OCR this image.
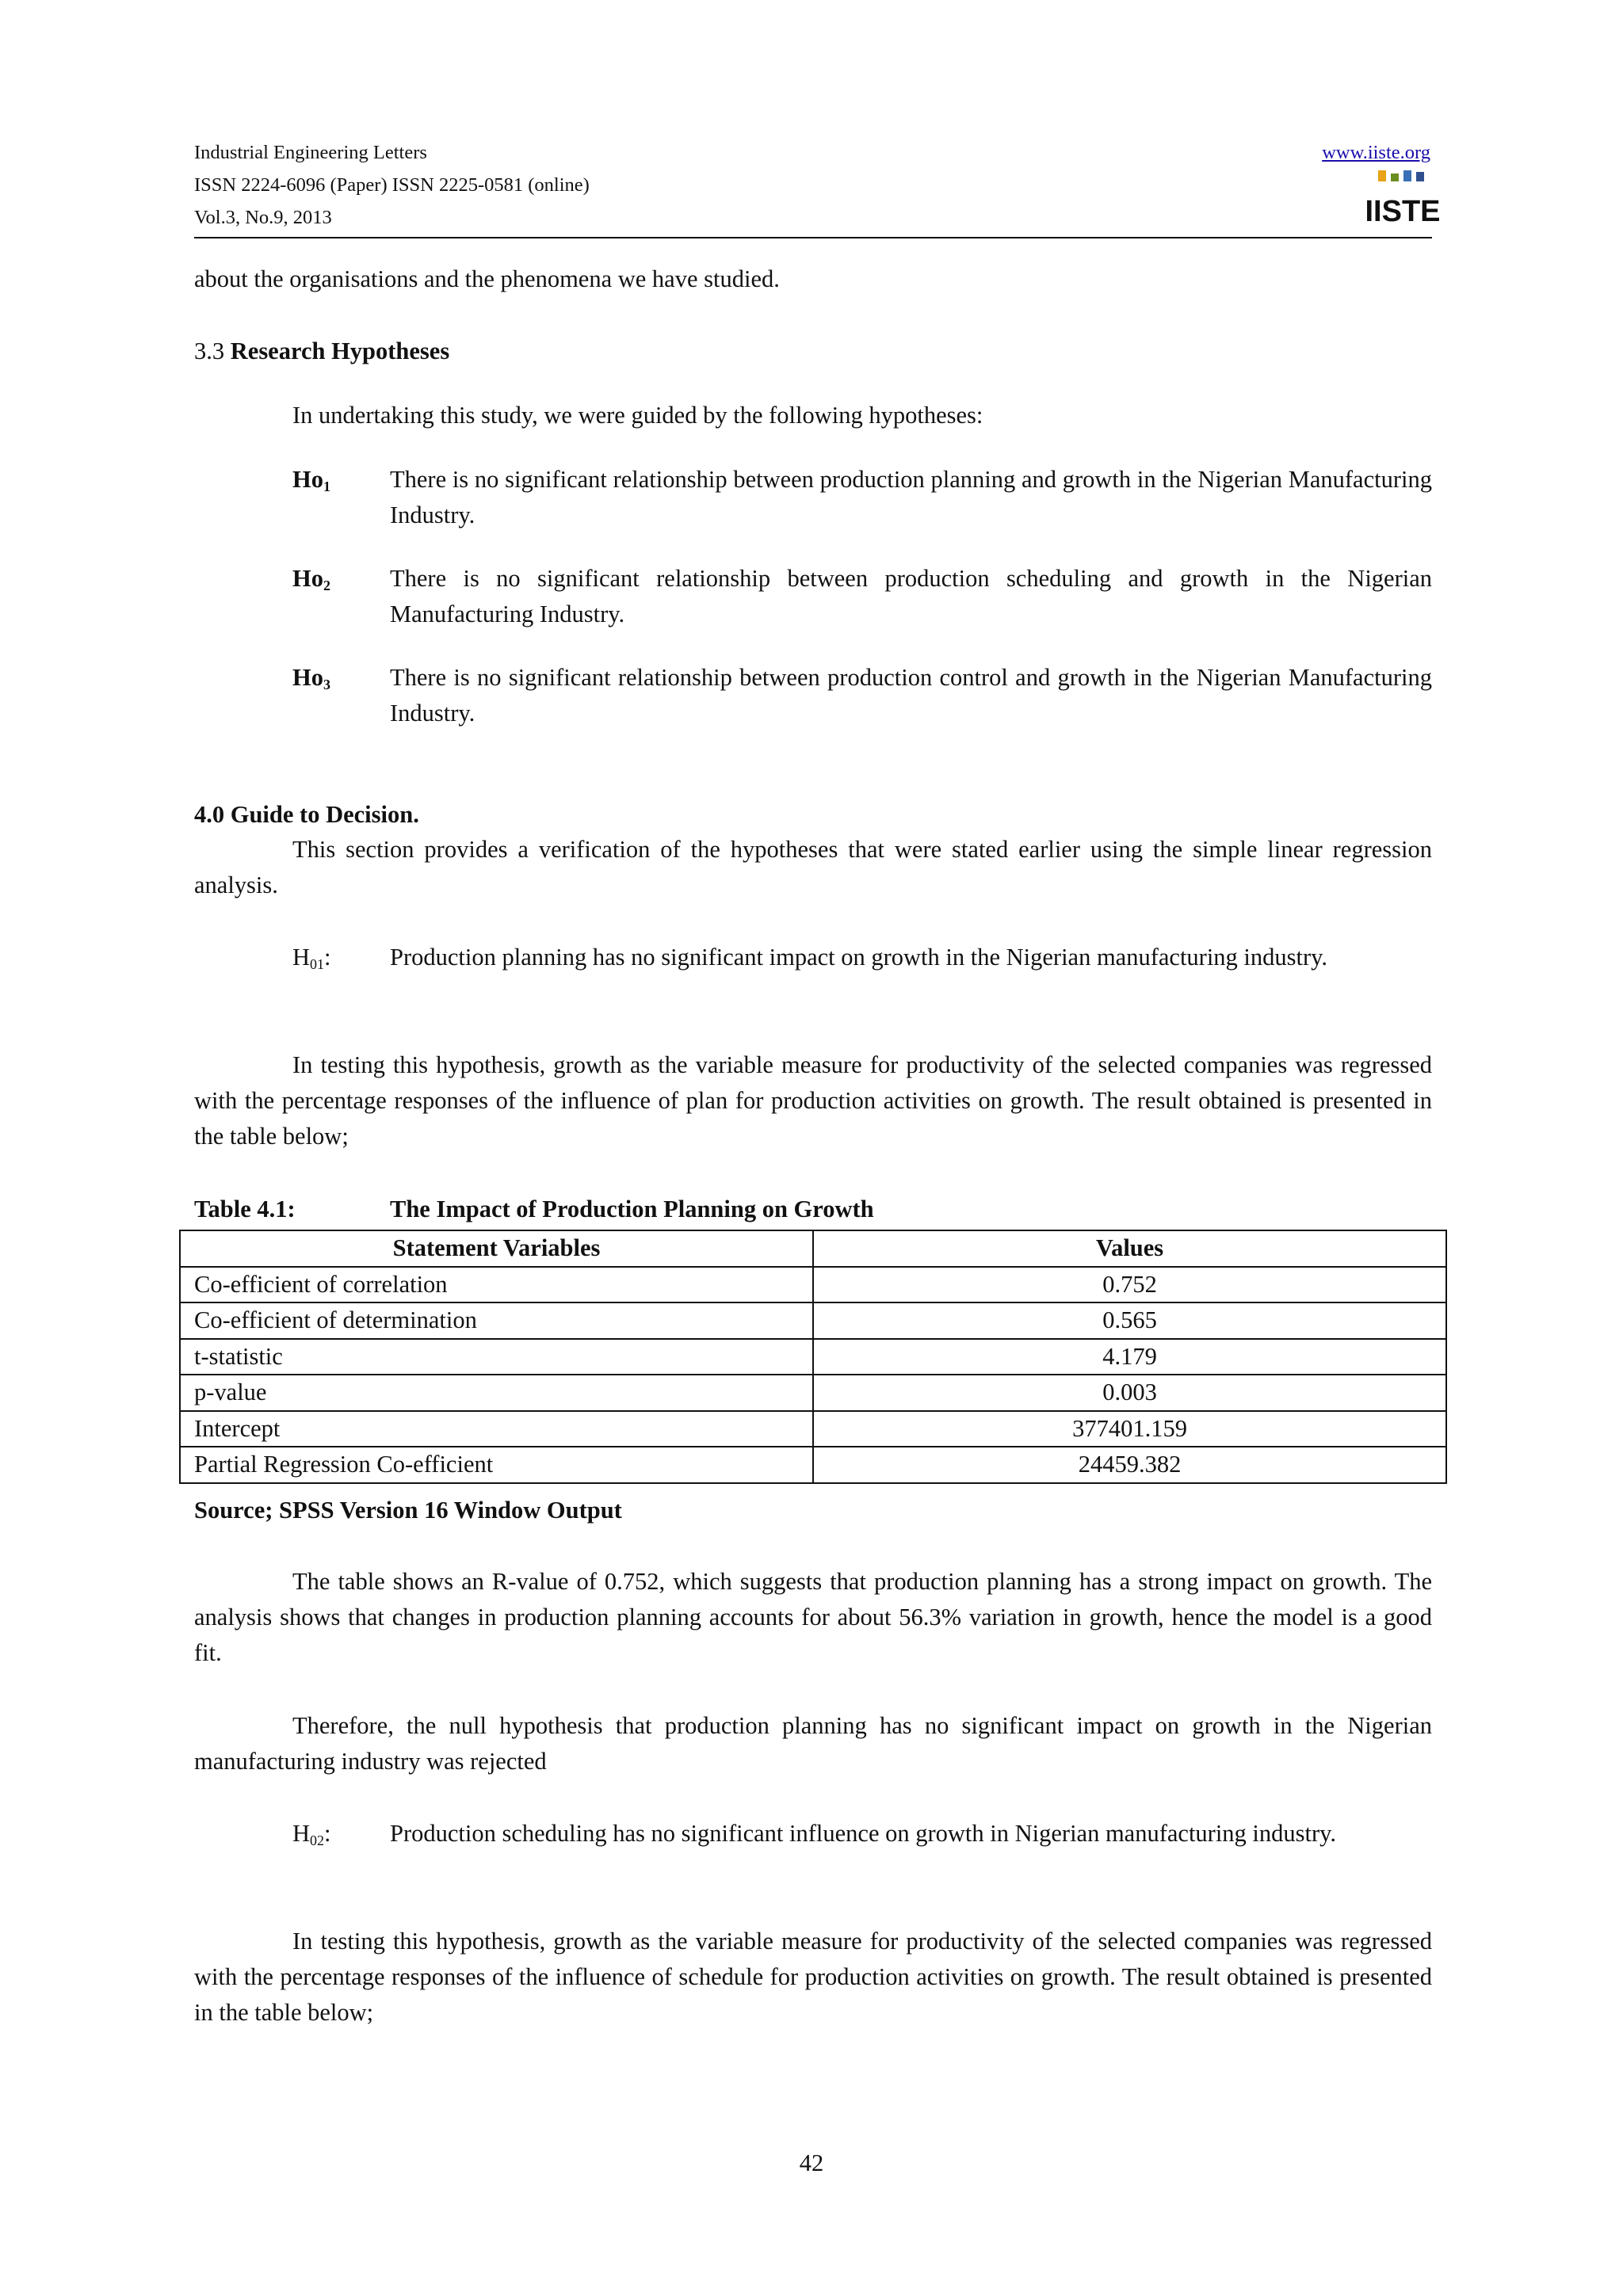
Industrial Engineering Letters
ISSN 2224-6096 (Paper) ISSN 2225-0581 (online)
Vol.3, No.9, 2013
www.iiste.org
IISTE
about the organisations and the phenomena we have studied.
3.3 Research Hypotheses
In undertaking this study, we were guided by the following hypotheses:
$Ho_1$ There is no significant relationship between production planning and growth in the Nigerian Manufacturing Industry.
$Ho_2$ There is no significant relationship between production scheduling and growth in the Nigerian Manufacturing Industry.
$Ho_3$ There is no significant relationship between production control and growth in the Nigerian Manufacturing Industry.
4.0 Guide to Decision.
This section provides a verification of the hypotheses that were stated earlier using the simple linear regression analysis.
$H_{01}$: Production planning has no significant impact on growth in the Nigerian manufacturing industry.
In testing this hypothesis, growth as the variable measure for productivity of the selected companies was regressed with the percentage responses of the influence of plan for production activities on growth. The result obtained is presented in the table below;
Table 4.1:	The Impact of Production Planning on Growth
Statement Variables	Values
Co-efficient of correlation	0.752
Co-efficient of determination	0.565
t-statistic	4.179
p-value	0.003
Intercept	377401.159
Partial Regression Co-efficient	24459.382
Source; SPSS Version 16 Window Output
The table shows an R-value of 0.752, which suggests that production planning has a strong impact on growth. The analysis shows that changes in production planning accounts for about 56.3% variation in growth, hence the model is a good fit.
Therefore, the null hypothesis that production planning has no significant impact on growth in the Nigerian manufacturing industry was rejected
$H_{02}$: Production scheduling has no significant influence on growth in Nigerian manufacturing industry.
In testing this hypothesis, growth as the variable measure for productivity of the selected companies was regressed with the percentage responses of the influence of schedule for production activities on growth. The result obtained is presented in the table below;
42
